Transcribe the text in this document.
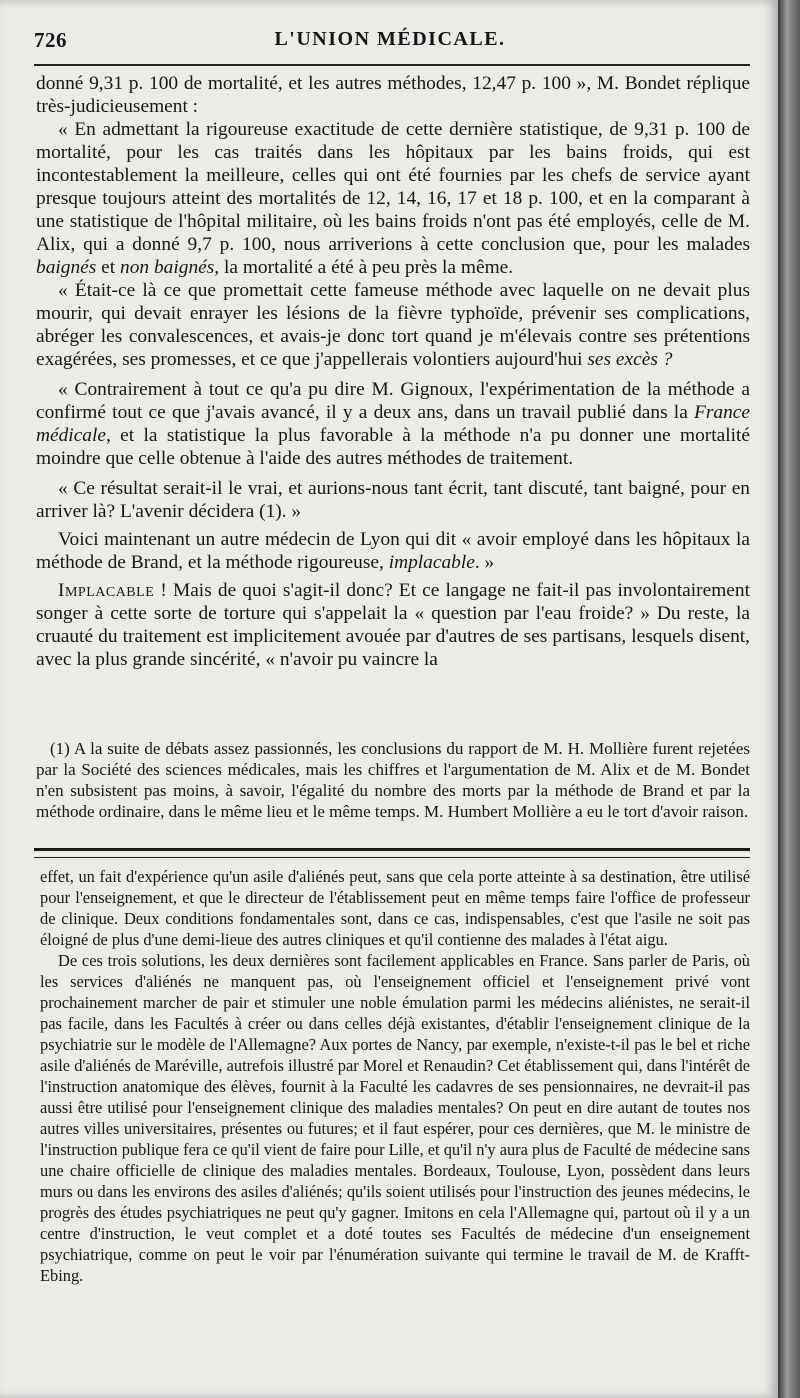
726	L'UNION MÉDICALE.

donné 9,31 p. 100 de mortalité, et les autres méthodes, 12,47 p. 100 », M. Bondet réplique très-judicieusement :

« En admettant la rigoureuse exactitude de cette dernière statistique, de 9,31 p. 100 de mortalité, pour les cas traités dans les hôpitaux par les bains froids, qui est incontestablement la meilleure, celles qui ont été fournies par les chefs de service ayant presque toujours atteint des mortalités de 12, 14, 16, 17 et 18 p. 100, et en la comparant à une statistique de l'hôpital militaire, où les bains froids n'ont pas été employés, celle de M. Alix, qui a donné 9,7 p. 100, nous arriverions à cette conclusion que, pour les malades baignés et non baignés, la mortalité a été à peu près la même.

« Était-ce là ce que promettait cette fameuse méthode avec laquelle on ne devait plus mourir, qui devait enrayer les lésions de la fièvre typhoïde, prévenir ses complications, abréger les convalescences, et avais-je donc tort quand je m'élevais contre ses prétentions exagérées, ses promesses, et ce que j'appellerais volontiers aujourd'hui ses excès ?

« Contrairement à tout ce qu'a pu dire M. Gignoux, l'expérimentation de la méthode a confirmé tout ce que j'avais avancé, il y a deux ans, dans un travail publié dans la France médicale, et la statistique la plus favorable à la méthode n'a pu donner une mortalité moindre que celle obtenue à l'aide des autres méthodes de traitement.

« Ce résultat serait-il le vrai, et aurions-nous tant écrit, tant discuté, tant baigné, pour en arriver là? L'avenir décidera (1). »

Voici maintenant un autre médecin de Lyon qui dit « avoir employé dans les hôpitaux la méthode de Brand, et la méthode rigoureuse, implacable. »

Implacable ! Mais de quoi s'agit-il donc? Et ce langage ne fait-il pas involontairement songer à cette sorte de torture qui s'appelait la « question par l'eau froide? » Du reste, la cruauté du traitement est implicitement avouée par d'autres de ses partisans, lesquels disent, avec la plus grande sincérité, « n'avoir pu vaincre la

(1) A la suite de débats assez passionnés, les conclusions du rapport de M. H. Mollière furent rejetées par la Société des sciences médicales, mais les chiffres et l'argumentation de M. Alix et de M. Bondet n'en subsistent pas moins, à savoir, l'égalité du nombre des morts par la méthode de Brand et par la méthode ordinaire, dans le même lieu et le même temps. M. Humbert Mollière a eu le tort d'avoir raison.

effet, un fait d'expérience qu'un asile d'aliénés peut, sans que cela porte atteinte à sa destination, être utilisé pour l'enseignement, et que le directeur de l'établissement peut en même temps faire l'office de professeur de clinique. Deux conditions fondamentales sont, dans ce cas, indispensables, c'est que l'asile ne soit pas éloigné de plus d'une demi-lieue des autres cliniques et qu'il contienne des malades à l'état aigu.

De ces trois solutions, les deux dernières sont facilement applicables en France. Sans parler de Paris, où les services d'aliénés ne manquent pas, où l'enseignement officiel et l'enseignement privé vont prochainement marcher de pair et stimuler une noble émulation parmi les médecins aliénistes, ne serait-il pas facile, dans les Facultés à créer ou dans celles déjà existantes, d'établir l'enseignement clinique de la psychiatrie sur le modèle de l'Allemagne? Aux portes de Nancy, par exemple, n'existe-t-il pas le bel et riche asile d'aliénés de Maréville, autrefois illustré par Morel et Renaudin? Cet établissement qui, dans l'intérêt de l'instruction anatomique des élèves, fournit à la Faculté les cadavres de ses pensionnaires, ne devrait-il pas aussi être utilisé pour l'enseignement clinique des maladies mentales? On peut en dire autant de toutes nos autres villes universitaires, présentes ou futures; et il faut espérer, pour ces dernières, que M. le ministre de l'instruction publique fera ce qu'il vient de faire pour Lille, et qu'il n'y aura plus de Faculté de médecine sans une chaire officielle de clinique des maladies mentales. Bordeaux, Toulouse, Lyon, possèdent dans leurs murs ou dans les environs des asiles d'aliénés; qu'ils soient utilisés pour l'instruction des jeunes médecins, le progrès des études psychiatriques ne peut qu'y gagner. Imitons en cela l'Allemagne qui, partout où il y a un centre d'instruction, le veut complet et a doté toutes ses Facultés de médecine d'un enseignement psychiatrique, comme on peut le voir par l'énumération suivante qui termine le travail de M. de Krafft-Ebing.
